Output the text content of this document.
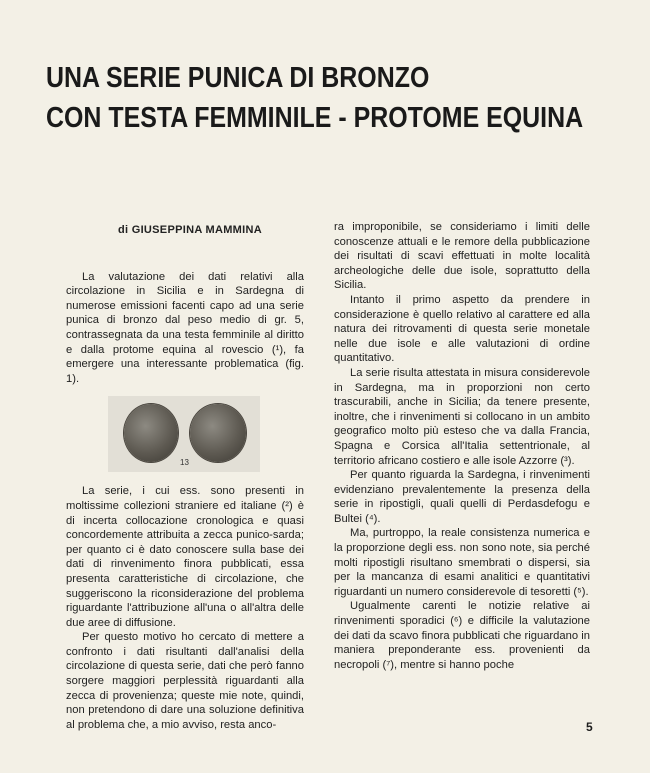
UNA SERIE PUNICA DI BRONZO
CON TESTA FEMMINILE - PROTOME EQUINA
di GIUSEPPINA MAMMINA

La valutazione dei dati relativi alla circolazione in Sicilia e in Sardegna di numerose emissioni facenti capo ad una serie punica di bronzo dal peso medio di gr. 5, contrassegnata da una testa femminile al diritto e dalla protome equina al rovescio (¹), fa emergere una interessante problematica (fig. 1).

13

La serie, i cui ess. sono presenti in moltissime collezioni straniere ed italiane (²) è di incerta collocazione cronologica e quasi concordemente attribuita a zecca punico-sarda; per quanto ci è dato conoscere sulla base dei dati di rinvenimento finora pubblicati, essa presenta caratteristiche di circolazione, che suggeriscono la riconsiderazione del problema riguardante l'attribuzione all'una o all'altra delle due aree di diffusione.

Per questo motivo ho cercato di mettere a confronto i dati risultanti dall'analisi della circolazione di questa serie, dati che però fanno sorgere maggiori perplessità riguardanti alla zecca di provenienza; queste mie note, quindi, non pretendono di dare una soluzione definitiva al problema che, a mio avviso, resta anco-

ra improponibile, se consideriamo i limiti delle conoscenze attuali e le remore della pubblicazione dei risultati di scavi effettuati in molte località archeologiche delle due isole, soprattutto della Sicilia.

Intanto il primo aspetto da prendere in considerazione è quello relativo al carattere ed alla natura dei ritrovamenti di questa serie monetale nelle due isole e alle valutazioni di ordine quantitativo.

La serie risulta attestata in misura considerevole in Sardegna, ma in proporzioni non certo trascurabili, anche in Sicilia; da tenere presente, inoltre, che i rinvenimenti si collocano in un ambito geografico molto più esteso che va dalla Francia, Spagna e Corsica all'Italia settentrionale, al territorio africano costiero e alle isole Azzorre (³).

Per quanto riguarda la Sardegna, i rinvenimenti evidenziano prevalentemente la presenza della serie in ripostigli, quali quelli di Perdasdefogu e Bultei (⁴).

Ma, purtroppo, la reale consistenza numerica e la proporzione degli ess. non sono note, sia perché molti ripostigli risultano smembrati o dispersi, sia per la mancanza di esami analitici e quantitativi riguardanti un numero considerevole di tesoretti (⁵).

Ugualmente carenti le notizie relative ai rinvenimenti sporadici (⁶) e difficile la valutazione dei dati da scavo finora pubblicati che riguardano in maniera preponderante ess. provenienti da necropoli (⁷), mentre si hanno poche

5
